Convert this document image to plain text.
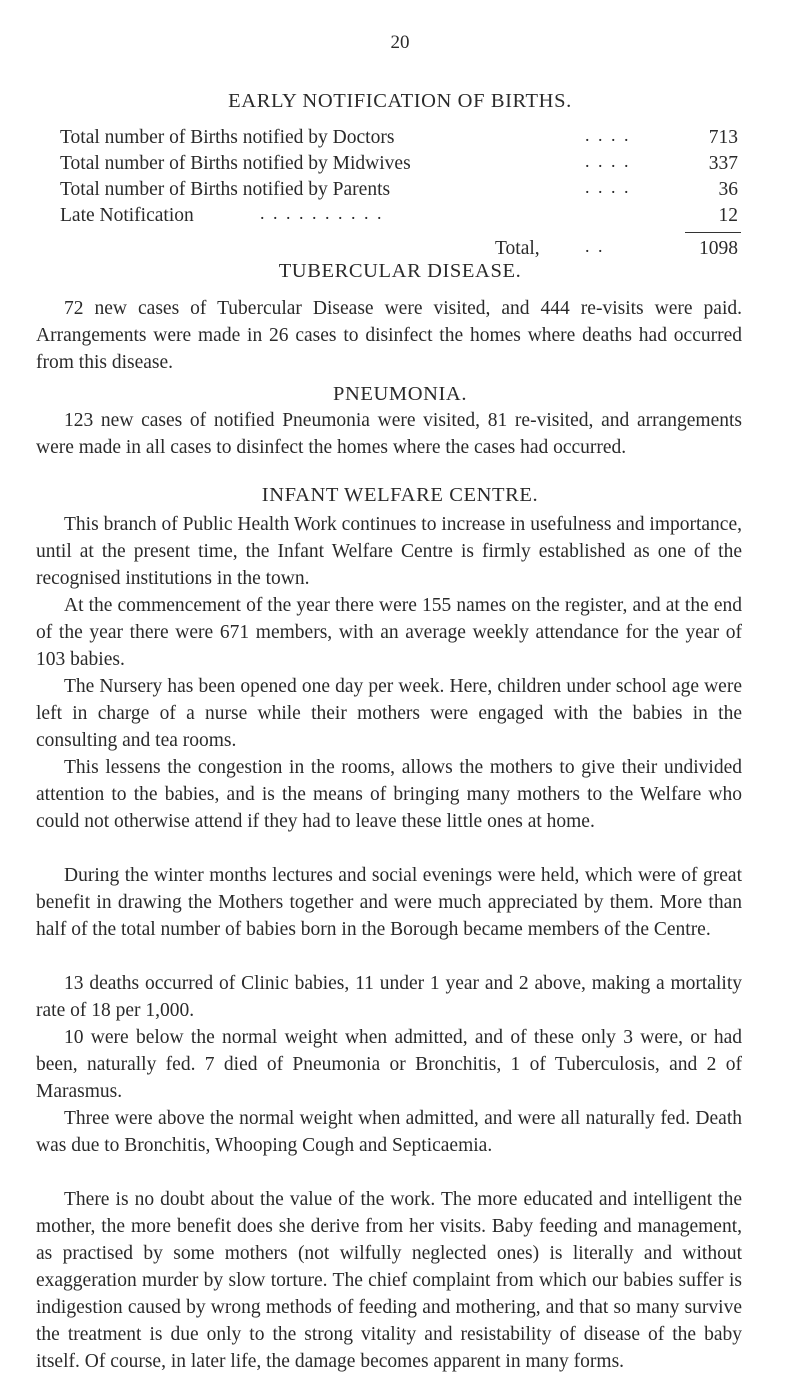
20
EARLY NOTIFICATION OF BIRTHS.
Total number of Births notified by Doctors	. . . .	713
Total number of Births notified by Midwives	. . . .	337
Total number of Births notified by Parents	. . . .	36
Late Notification	. . . . . . . . . .	12
Total,	. .	1098
TUBERCULAR DISEASE.

72 new cases of Tubercular Disease were visited, and 444 re-visits were paid. Arrangements were made in 26 cases to disinfect the homes where deaths had occurred from this disease.

PNEUMONIA.

123 new cases of notified Pneumonia were visited, 81 re-visited, and arrangements were made in all cases to disinfect the homes where the cases had occurred.

INFANT WELFARE CENTRE.

This branch of Public Health Work continues to increase in usefulness and importance, until at the present time, the Infant Welfare Centre is firmly established as one of the recognised institutions in the town.

At the commencement of the year there were 155 names on the register, and at the end of the year there were 671 members, with an average weekly attendance for the year of 103 babies.

The Nursery has been opened one day per week. Here, children under school age were left in charge of a nurse while their mothers were engaged with the babies in the consulting and tea rooms.

This lessens the congestion in the rooms, allows the mothers to give their undivided attention to the babies, and is the means of bringing many mothers to the Welfare who could not otherwise attend if they had to leave these little ones at home.

During the winter months lectures and social evenings were held, which were of great benefit in drawing the Mothers together and were much appreciated by them. More than half of the total number of babies born in the Borough became members of the Centre.

13 deaths occurred of Clinic babies, 11 under 1 year and 2 above, making a mortality rate of 18 per 1,000.

10 were below the normal weight when admitted, and of these only 3 were, or had been, naturally fed. 7 died of Pneumonia or Bronchitis, 1 of Tuberculosis, and 2 of Marasmus.

Three were above the normal weight when admitted, and were all naturally fed. Death was due to Bronchitis, Whooping Cough and Septicaemia.

There is no doubt about the value of the work. The more educated and intelligent the mother, the more benefit does she derive from her visits. Baby feeding and management, as practised by some mothers (not wilfully neglected ones) is literally and without exaggeration murder by slow torture. The chief complaint from which our babies suffer is indigestion caused by wrong methods of feeding and mothering, and that so many survive the treatment is due only to the strong vitality and resistability of disease of the baby itself. Of course, in later life, the damage becomes apparent in many forms.
